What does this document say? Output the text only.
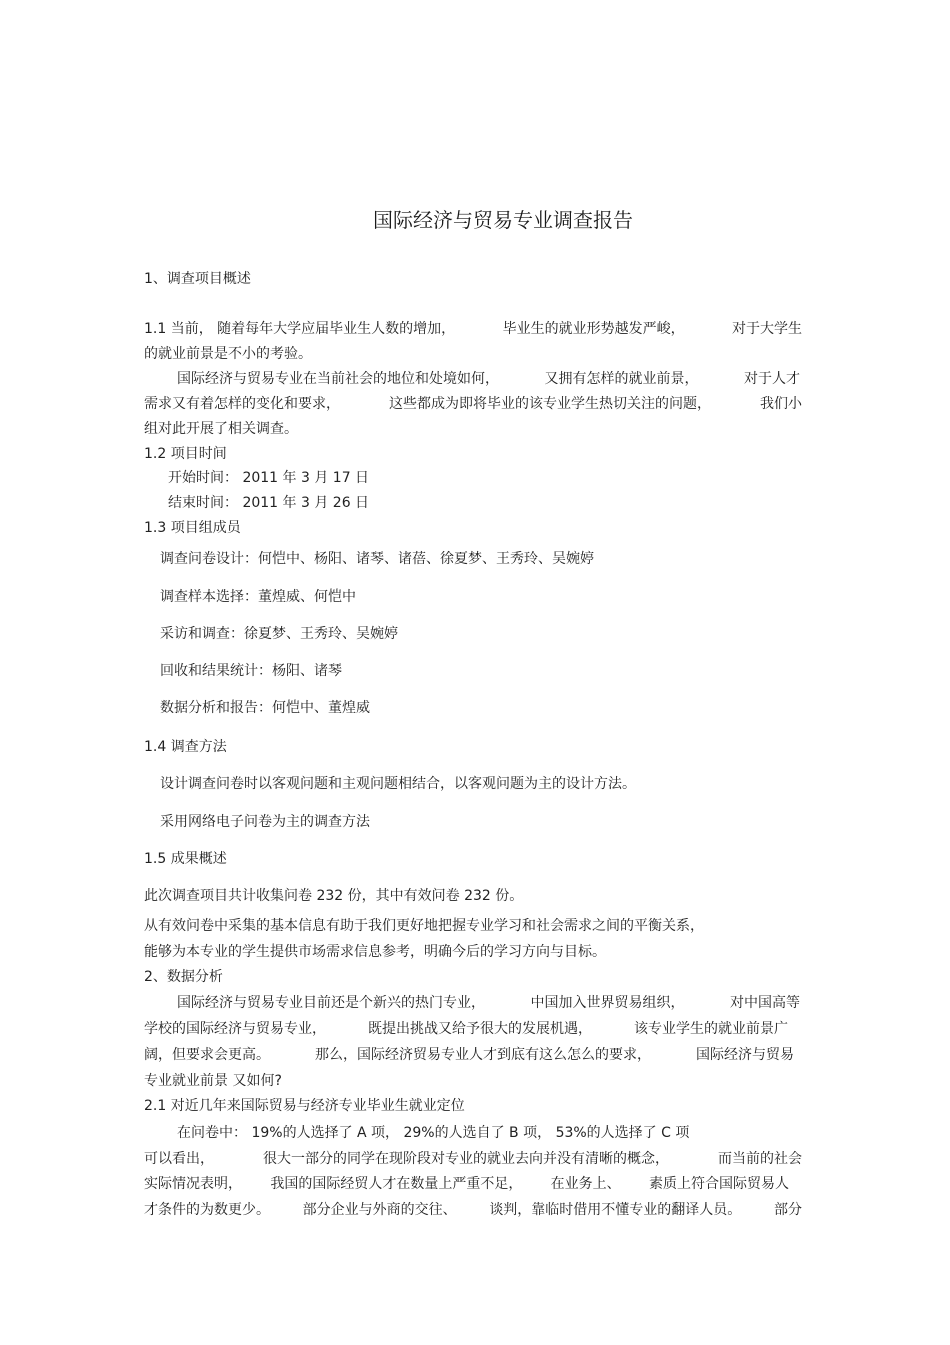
国际经济与贸易专业调查报告
1、调查项目概述
1.1 当前， 随着每年大学应届毕业生人数的增加，	毕业生的就业形势越发严峻，	对于大学生
的就业前景是不小的考验。
国际经济与贸易专业在当前社会的地位和处境如何，	又拥有怎样的就业前景，	对于人才
需求又有着怎样的变化和要求，	这些都成为即将毕业的该专业学生热切关注的问题，	我们小
组对此开展了相关调查。
1.2 项目时间
开始时间： 2011 年 3 月 17 日
结束时间： 2011 年 3 月 26 日
1.3 项目组成员
调查问卷设计：何恺中、杨阳、诸琴、诸蓓、徐夏梦、王秀玲、吴婉婷
调查样本选择：董煌威、何恺中
采访和调查：徐夏梦、王秀玲、吴婉婷
回收和结果统计：杨阳、诸琴
数据分析和报告：何恺中、董煌威
1.4 调查方法
设计调查问卷时以客观问题和主观问题相结合，以客观问题为主的设计方法。
采用网络电子问卷为主的调查方法
1.5 成果概述
此次调查项目共计收集问卷 232 份，其中有效问卷 232 份。
从有效问卷中采集的基本信息有助于我们更好地把握专业学习和社会需求之间的平衡关系，
能够为本专业的学生提供市场需求信息参考，明确今后的学习方向与目标。
2、数据分析
国际经济与贸易专业目前还是个新兴的热门专业，	中国加入世界贸易组织，	对中国高等
学校的国际经济与贸易专业，	既提出挑战又给予很大的发展机遇，	该专业学生的就业前景广
阔，但要求会更高。	那么，国际经济贸易专业人才到底有这么怎么的要求，	国际经济与贸易
专业就业前景 又如何?
2.1 对近几年来国际贸易与经济专业毕业生就业定位
在问卷中： 19%的人选择了 A 项， 29%的人选自了 B 项， 53%的人选择了 C 项
可以看出，	很大一部分的同学在现阶段对专业的就业去向并没有清晰的概念，	而当前的社会
实际情况表明， 我国的国际经贸人才在数量上严重不足， 在业务上、 素质上符合国际贸易人
才条件的为数更少。 部分企业与外商的交往、 谈判，靠临时借用不懂专业的翻译人员。 部分
